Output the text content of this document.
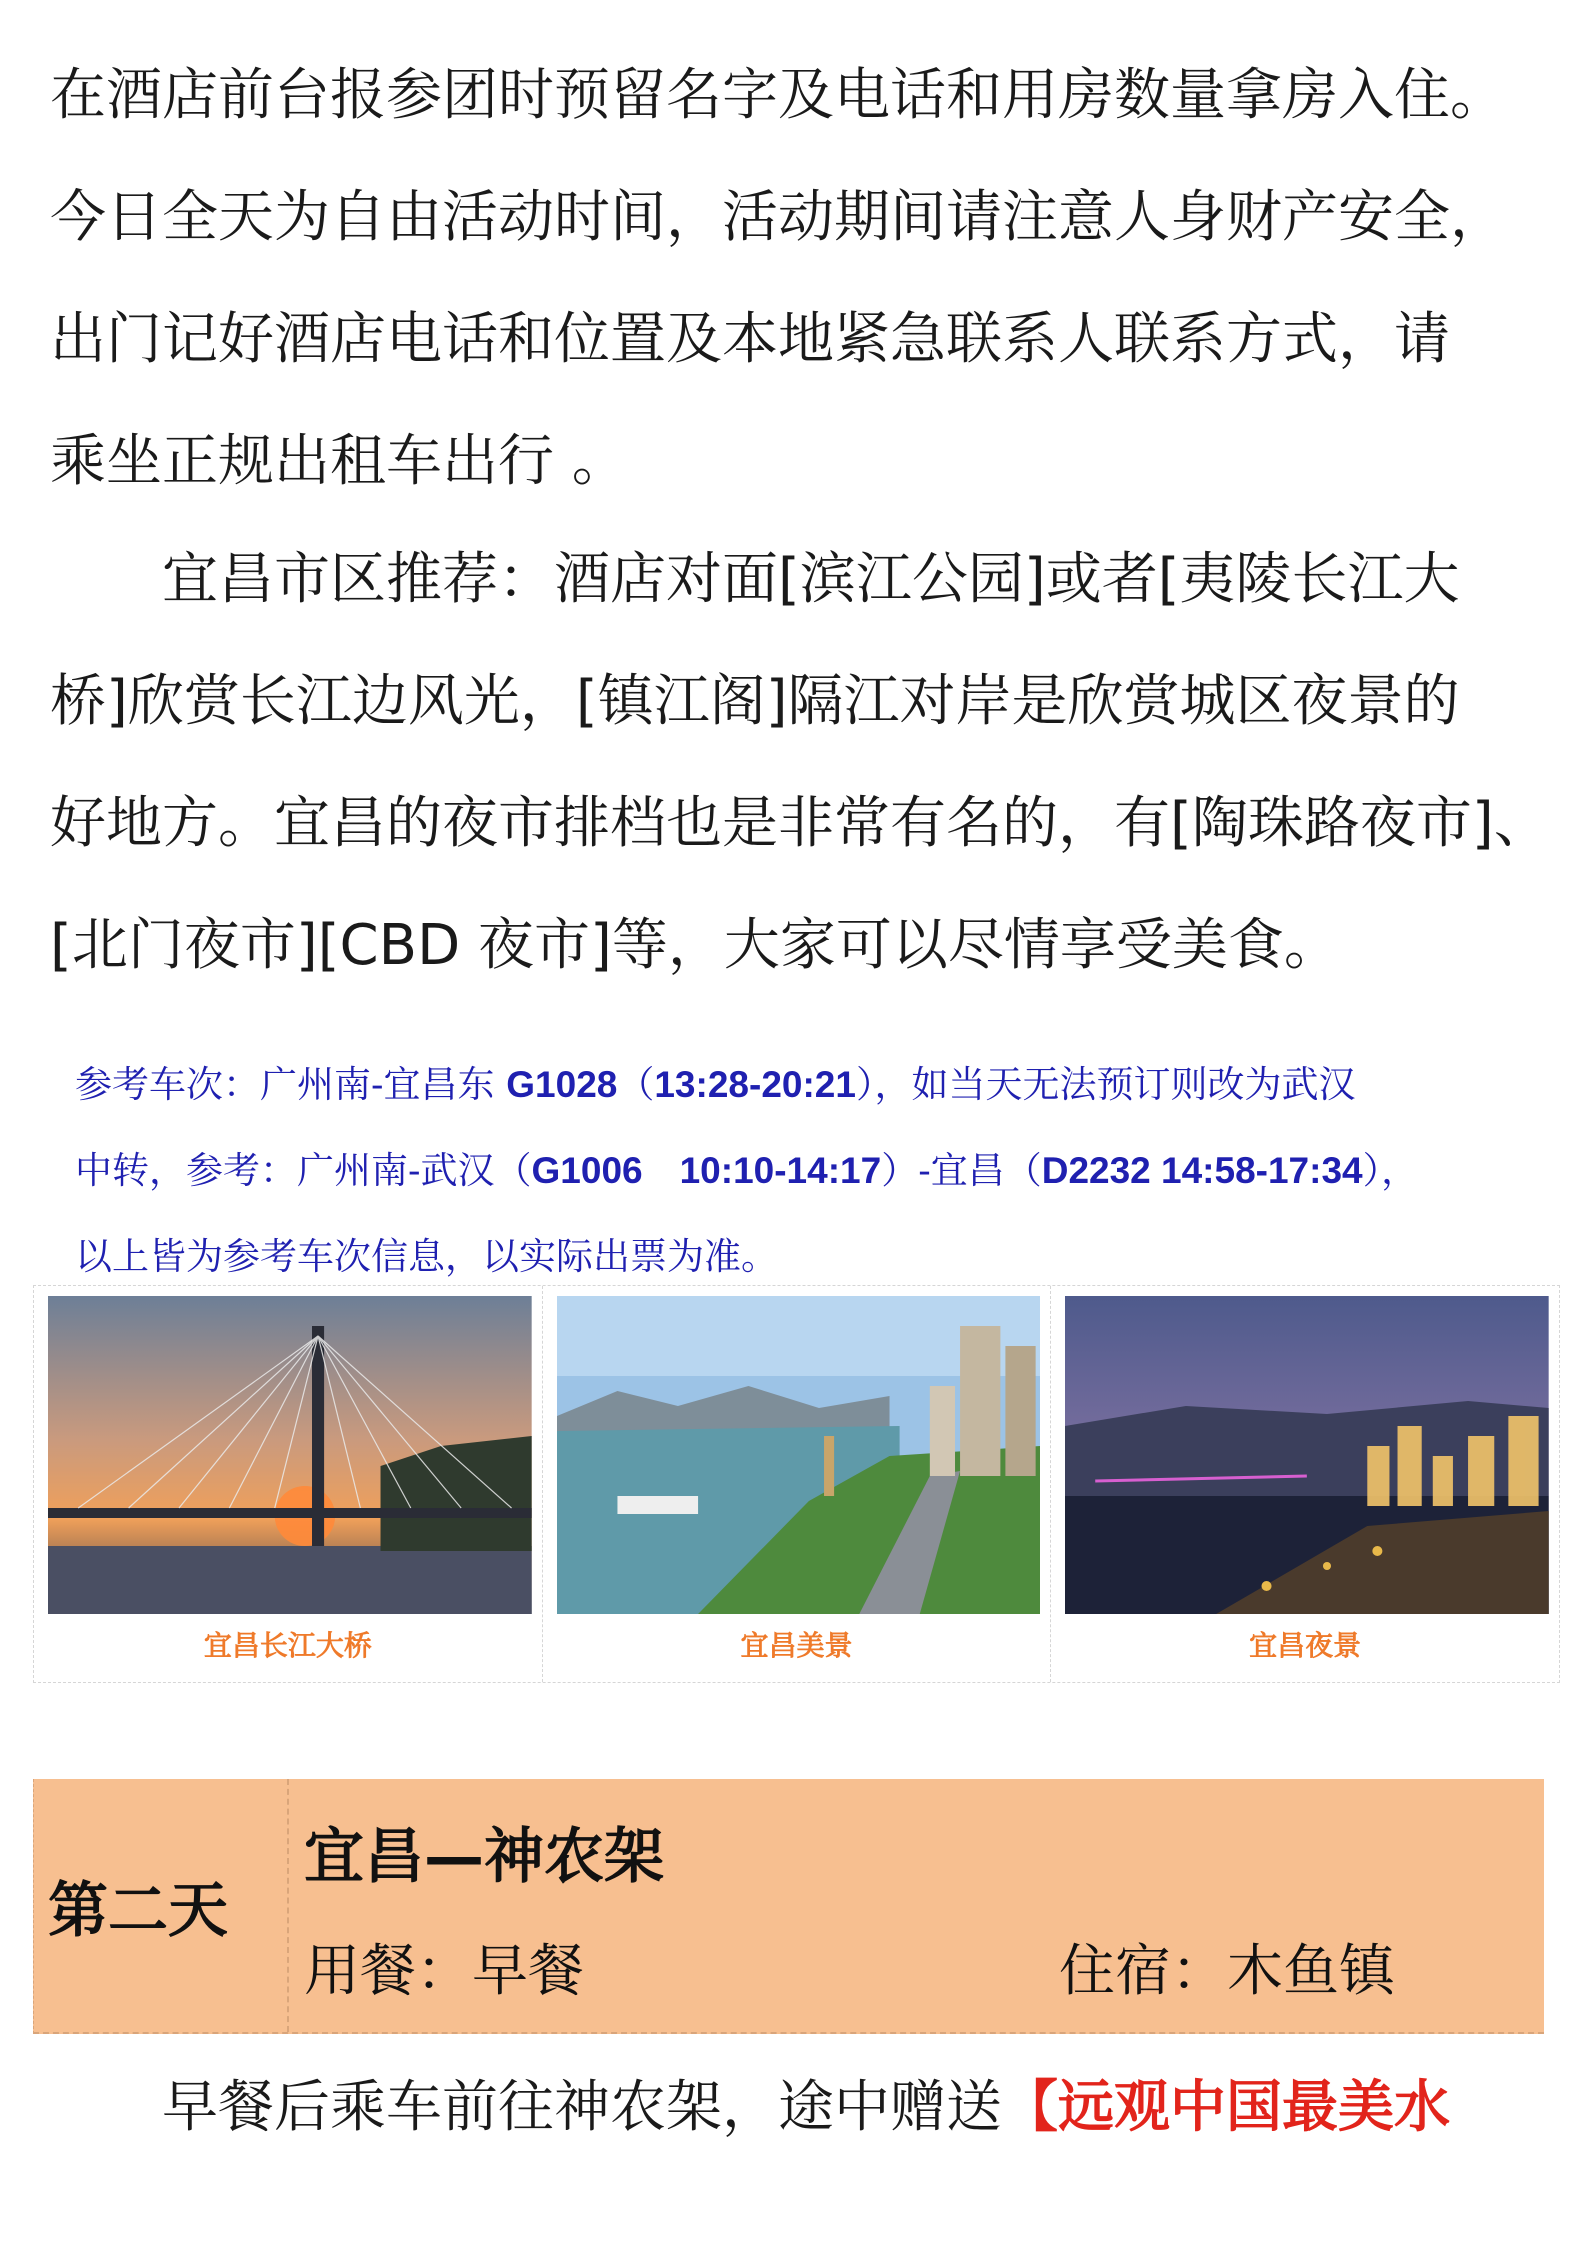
在酒店前台报参团时预留名字及电话和用房数量拿房入住。
今日全天为自由活动时间，活动期间请注意人身财产安全，
出门记好酒店电话和位置及本地紧急联系人联系方式，请
乘坐正规出租车出行 。

宜昌市区推荐：酒店对面[滨江公园]或者[夷陵长江大
桥]欣赏长江边风光，[镇江阁]隔江对岸是欣赏城区夜景的
好地方。宜昌的夜市排档也是非常有名的，有[陶珠路夜市]、
[北门夜市][CBD 夜市]等，大家可以尽情享受美食。

参考车次：广州南-宜昌东 G1028（13:28-20:21），如当天无法预订则改为武汉
中转，参考：广州南-武汉（G1006　10:10-14:17）-宜昌（D2232 14:58-17:34），
以上皆为参考车次信息，以实际出票为准。

宜昌长江大桥	宜昌美景	宜昌夜景
第二天
宜昌—神农架
用餐：早餐	住宿：木鱼镇

早餐后乘车前往神农架，途中赠送【远观中国最美水
